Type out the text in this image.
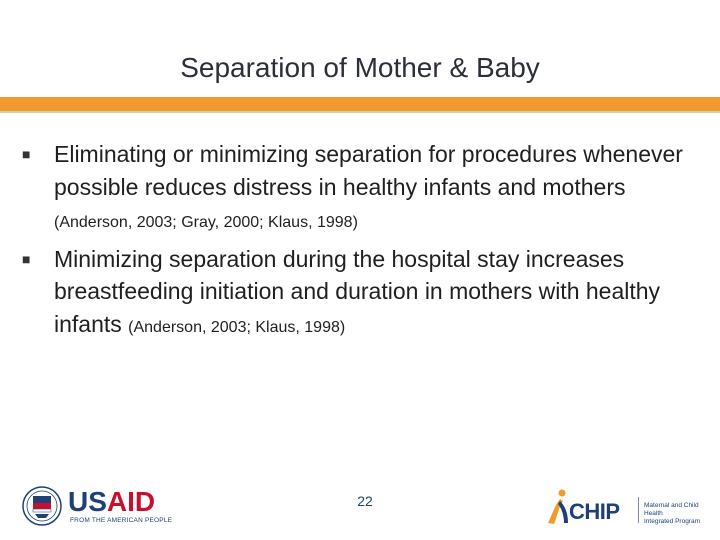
Separation of Mother & Baby
■ Eliminating or minimizing separation for procedures whenever possible reduces distress in healthy infants and mothers (Anderson, 2003; Gray, 2000; Klaus, 1998)
■ Minimizing separation during the hospital stay increases breastfeeding initiation and duration in mothers with healthy infants (Anderson, 2003; Klaus, 1998)
22
USAID
FROM THE AMERICAN PEOPLE	CHIP	Maternal and Child Health
Integrated Program
